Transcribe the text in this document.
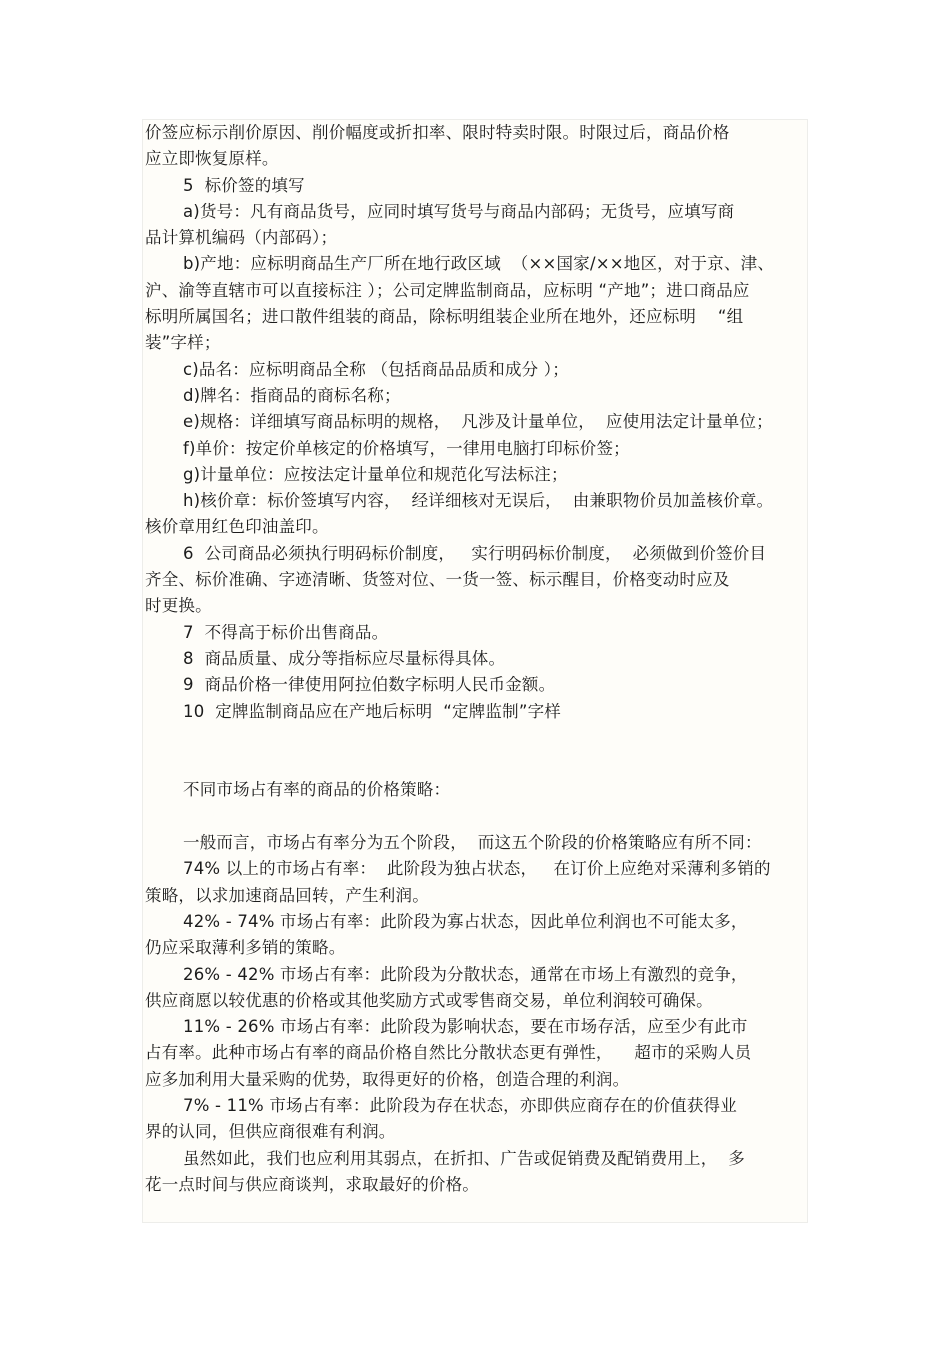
价签应标示削价原因、削价幅度或折扣率、限时特卖时限。时限过后，商品价格
应立即恢复原样。

5  标价签的填写

a)货号：凡有商品货号，应同时填写货号与商品内部码；无货号，应填写商
品计算机编码（内部码）；

b)产地：应标明商品生产厂所在地行政区域  （××国家/××地区，对于京、津、
沪、渝等直辖市可以直接标注 ）；公司定牌监制商品，应标明 “产地”；进口商品应
标明所属国名；进口散件组装的商品，除标明组装企业所在地外，还应标明    “组
装”字样；

c)品名：应标明商品全称 （包括商品品质和成分 ）；

d)牌名：指商品的商标名称；

e)规格：详细填写商品标明的规格，  凡涉及计量单位，  应使用法定计量单位；

f)单价：按定价单核定的价格填写，一律用电脑打印标价签；

g)计量单位：应按法定计量单位和规范化写法标注；

h)核价章：标价签填写内容，  经详细核对无误后，  由兼职物价员加盖核价章。
核价章用红色印油盖印。

6  公司商品必须执行明码标价制度，   实行明码标价制度，  必须做到价签价目
齐全、标价准确、字迹清晰、货签对位、一货一签、标示醒目，价格变动时应及
时更换。

7  不得高于标价出售商品。

8  商品质量、成分等指标应尽量标得具体。

9  商品价格一律使用阿拉伯数字标明人民币金额。

10  定牌监制商品应在产地后标明  “定牌监制”字样

不同市场占有率的商品的价格策略：

一般而言，市场占有率分为五个阶段，  而这五个阶段的价格策略应有所不同：

74% 以上的市场占有率：  此阶段为独占状态，   在订价上应绝对采薄利多销的
策略，以求加速商品回转，产生利润。

42% - 74% 市场占有率：此阶段为寡占状态，因此单位利润也不可能太多，
仍应采取薄利多销的策略。

26% - 42% 市场占有率：此阶段为分散状态，通常在市场上有激烈的竞争，
供应商愿以较优惠的价格或其他奖励方式或零售商交易，单位利润较可确保。

11% - 26% 市场占有率：此阶段为影响状态，要在市场存活，应至少有此市
占有率。此种市场占有率的商品价格自然比分散状态更有弹性，    超市的采购人员
应多加利用大量采购的优势，取得更好的价格，创造合理的利润。

7% - 11% 市场占有率：此阶段为存在状态，亦即供应商存在的价值获得业
界的认同，但供应商很难有利润。

虽然如此，我们也应利用其弱点，在折扣、广告或促销费及配销费用上，  多
花一点时间与供应商谈判，求取最好的价格。
